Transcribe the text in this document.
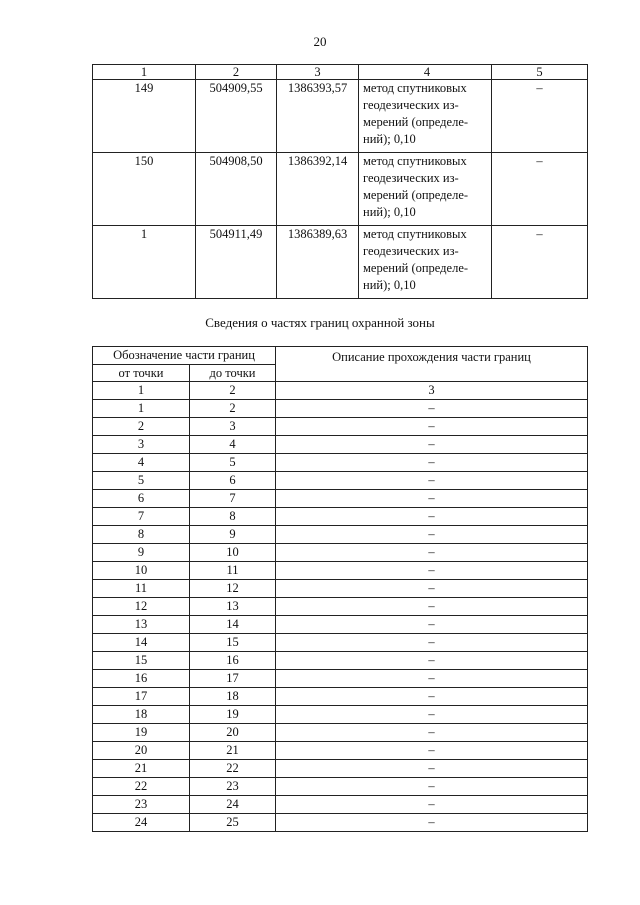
20
1	2	3	4	5
149	504909,55	1386393,57	метод спутниковых
геодезических из-
мерений (определе-
ний); 0,10	–
150	504908,50	1386392,14	метод спутниковых
геодезических из-
мерений (определе-
ний); 0,10	–
1	504911,49	1386389,63	метод спутниковых
геодезических из-
мерений (определе-
ний); 0,10	–
Сведения о частях границ охранной зоны
Обозначение части границ		Описание прохождения части границ
от точки	до точки	
1	2	3
1	2	–
2	3	–
3	4	–
4	5	–
5	6	–
6	7	–
7	8	–
8	9	–
9	10	–
10	11	–
11	12	–
12	13	–
13	14	–
14	15	–
15	16	–
16	17	–
17	18	–
18	19	–
19	20	–
20	21	–
21	22	–
22	23	–
23	24	–
24	25	–
